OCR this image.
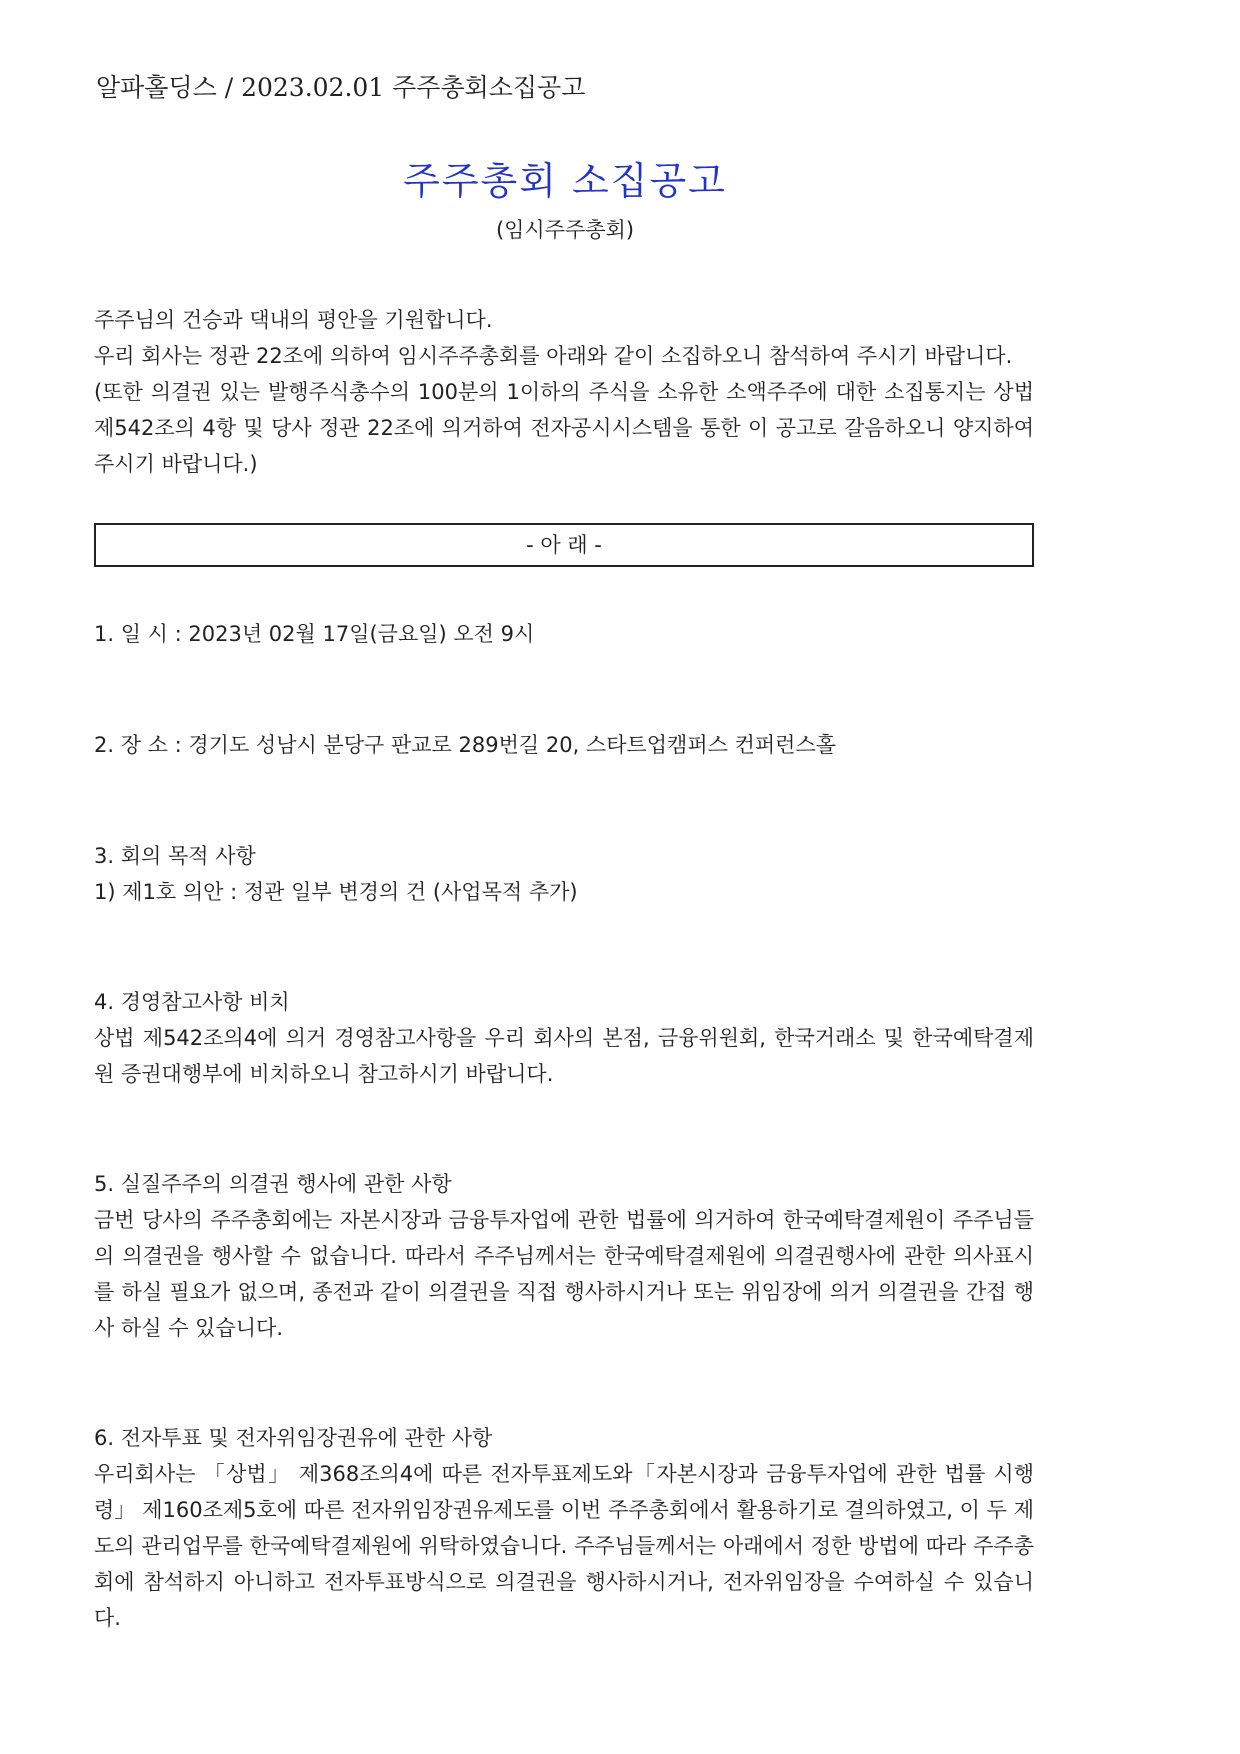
알파홀딩스 / 2023.02.01 주주총회소집공고
주주총회 소집공고
(임시주주총회)
주주님의 건승과 댁내의 평안을 기원합니다.
우리 회사는 정관 22조에 의하여 임시주주총회를 아래와 같이 소집하오니 참석하여 주시기 바랍니다.
(또한 의결권 있는 발행주식총수의 100분의 1이하의 주식을 소유한 소액주주에 대한 소집통지는 상법 제542조의 4항 및 당사 정관 22조에 의거하여 전자공시시스템을 통한 이 공고로 갈음하오니 양지하여 주시기 바랍니다.)
- 아 래 -
1. 일 시 : 2023년 02월 17일(금요일) 오전 9시
2. 장 소 : 경기도 성남시 분당구 판교로 289번길 20, 스타트업캠퍼스 컨퍼런스홀
3. 회의 목적 사항
1) 제1호 의안 : 정관 일부 변경의 건 (사업목적 추가)
4. 경영참고사항 비치
상법 제542조의4에 의거 경영참고사항을 우리 회사의 본점, 금융위원회, 한국거래소 및 한국예탁결제원 증권대행부에 비치하오니 참고하시기 바랍니다.
5. 실질주주의 의결권 행사에 관한 사항
금번 당사의 주주총회에는 자본시장과 금융투자업에 관한 법률에 의거하여 한국예탁결제원이 주주님들의 의결권을 행사할 수 없습니다. 따라서 주주님께서는 한국예탁결제원에 의결권행사에 관한 의사표시를 하실 필요가 없으며, 종전과 같이 의결권을 직접 행사하시거나 또는 위임장에 의거 의결권을 간접 행사 하실 수 있습니다.
6. 전자투표 및 전자위임장권유에 관한 사항
우리회사는 「상법」 제368조의4에 따른 전자투표제도와「자본시장과 금융투자업에 관한 법률 시행령」 제160조제5호에 따른 전자위임장권유제도를 이번 주주총회에서 활용하기로 결의하였고, 이 두 제도의 관리업무를 한국예탁결제원에 위탁하였습니다. 주주님들께서는 아래에서 정한 방법에 따라 주주총회에 참석하지 아니하고 전자투표방식으로 의결권을 행사하시거나, 전자위임장을 수여하실 수 있습니다.
